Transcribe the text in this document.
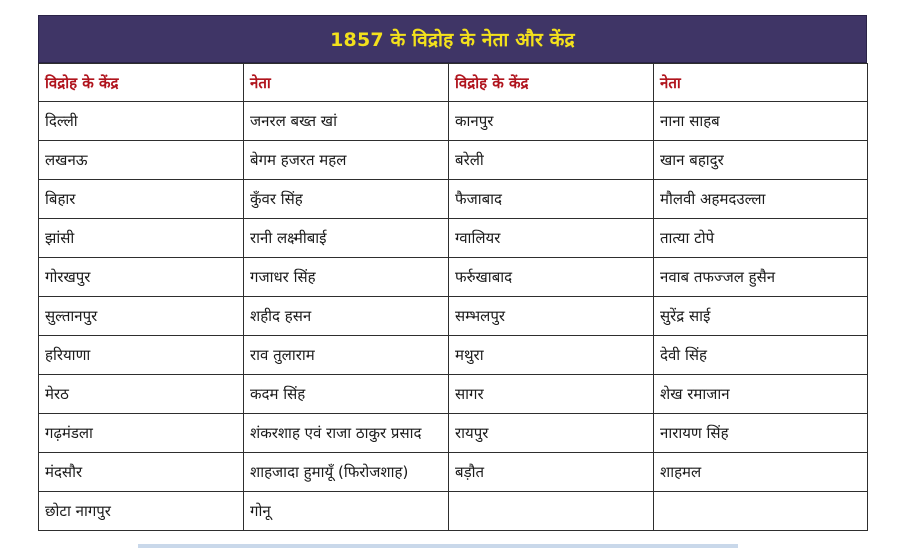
1857 के विद्रोह के नेता और केंद्र
विद्रोह के केंद्र	नेता	विद्रोह के केंद्र	नेता
दिल्ली	जनरल बख्त खां	कानपुर	नाना साहब
लखनऊ	बेगम हजरत महल	बरेली	खान बहादुर
बिहार	कुँवर सिंह	फैजाबाद	मौलवी अहमदउल्ला
झांसी	रानी लक्ष्मीबाई	ग्वालियर	तात्या टोपे
गोरखपुर	गजाधर सिंह	फर्रुखाबाद	नवाब तफज्जल हुसैन
सुल्तानपुर	शहीद हसन	सम्भलपुर	सुरेंद्र साई
हरियाणा	राव तुलाराम	मथुरा	देवी सिंह
मेरठ	कदम सिंह	सागर	शेख रमाजान
गढ़मंडला	शंकरशाह एवं राजा ठाकुर प्रसाद	रायपुर	नारायण सिंह
मंदसौर	शाहजादा हुमायूँ (फिरोजशाह)	बड़ौत	शाहमल
छोटा नागपुर	गोनू		
